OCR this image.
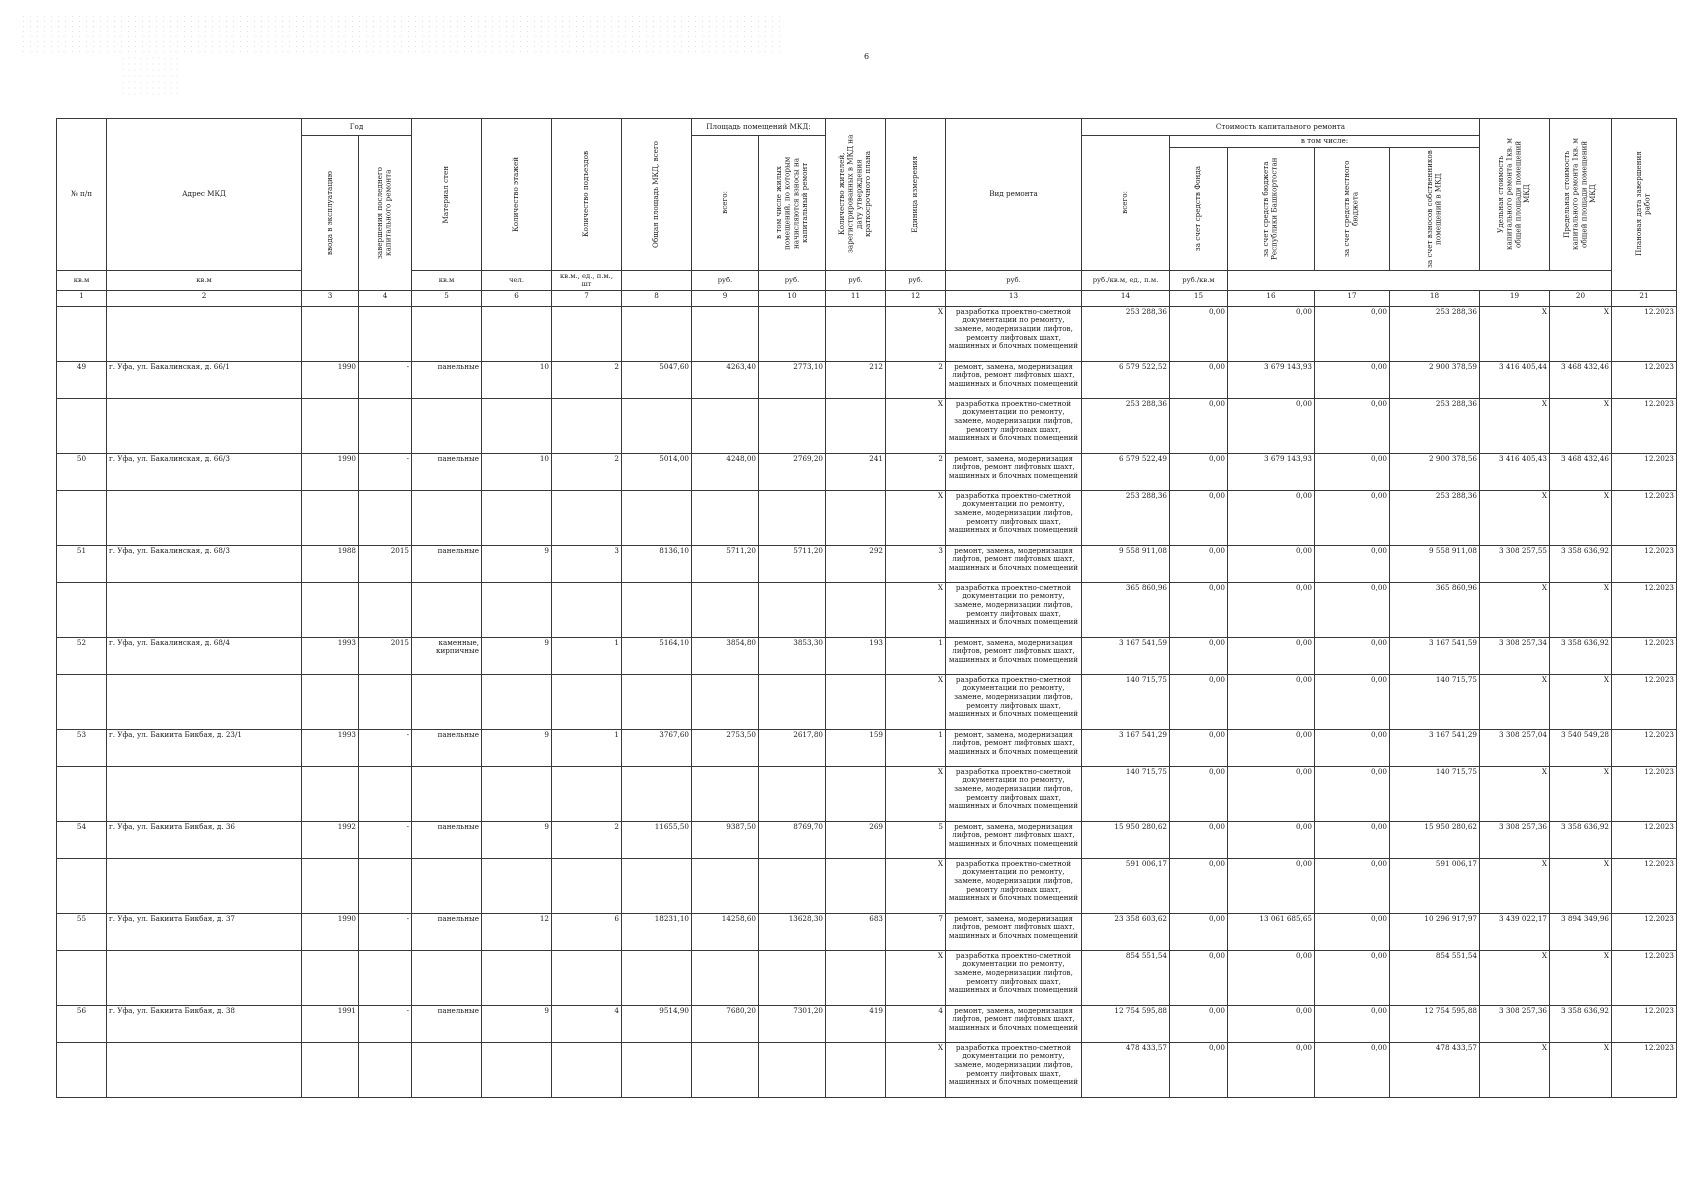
6
№ п/п	Адрес МКД	Год		Материал стен	Количество этажей	Количество подъездов	Общая площадь МКД, всего	Площадь помещений МКД:		Количество жителей, зарегистрированных в МКД на дату утверждения краткосрочного плана	Единица измерения	Вид ремонта	Стоимость капитального ремонта					Удельная стоимость капитального ремонта 1кв. м общей площади помещений МКД	Предельная стоимость капитального ремонта 1кв. м общей площади помещений МКД	Плановая дата завершения работ

		ввода в эксплуатацию	завершения последнего капитального ремонта					всего:	в том числе жилых помещений, по которым начисляются взносы на капитальный ремонт				всего:	в том числе:						

														за счет средств Фонда	за счет средств бюджета Республики Башкортостан	за счет средств местного бюджета	за счет взносов собственников помещений в МКД			

кв.м	кв.м			кв.м	чел.	кв.м., ед., п.м., шт		руб.	руб.	руб.	руб.	руб.	руб./кв.м, ед., п.м.	руб./кв.м						
1	2	3	4	5	6	7	8	9	10	11	12	13	14	15	16	17	18	19	20	21
											X	разработка проектно-сметной документации по ремонту, замене, модернизации лифтов, ремонту лифтовых шахт, машинных и блочных помещений	253 288,36	0,00	0,00	0,00	253 288,36	X	X	12.2023
49	г. Уфа, ул. Бакалинская, д. 66/1	1990	-	панельные	10	2	5047,60	4263,40	2773,10	212	2	ремонт, замена, модернизация лифтов, ремонт лифтовых шахт, машинных и блочных помещений	6 579 522,52	0,00	3 679 143,93	0,00	2 900 378,59	3 416 405,44	3 468 432,46	12.2023
											X	разработка проектно-сметной документации по ремонту, замене, модернизации лифтов, ремонту лифтовых шахт, машинных и блочных помещений	253 288,36	0,00	0,00	0,00	253 288,36	X	X	12.2023
50	г. Уфа, ул. Бакалинская, д. 66/3	1990	-	панельные	10	2	5014,00	4248,00	2769,20	241	2	ремонт, замена, модернизация лифтов, ремонт лифтовых шахт, машинных и блочных помещений	6 579 522,49	0,00	3 679 143,93	0,00	2 900 378,56	3 416 405,43	3 468 432,46	12.2023
											X	разработка проектно-сметной документации по ремонту, замене, модернизации лифтов, ремонту лифтовых шахт, машинных и блочных помещений	253 288,36	0,00	0,00	0,00	253 288,36	X	X	12.2023
51	г. Уфа, ул. Бакалинская, д. 68/3	1988	2015	панельные	9	3	8136,10	5711,20	5711,20	292	3	ремонт, замена, модернизация лифтов, ремонт лифтовых шахт, машинных и блочных помещений	9 558 911,08	0,00	0,00	0,00	9 558 911,08	3 308 257,55	3 358 636,92	12.2023
											X	разработка проектно-сметной документации по ремонту, замене, модернизации лифтов, ремонту лифтовых шахт, машинных и блочных помещений	365 860,96	0,00	0,00	0,00	365 860,96	X	X	12.2023
52	г. Уфа, ул. Бакалинская, д. 68/4	1993	2015	каменные, кирпичные	9	1	5164,10	3854,80	3853,30	193	1	ремонт, замена, модернизация лифтов, ремонт лифтовых шахт, машинных и блочных помещений	3 167 541,59	0,00	0,00	0,00	3 167 541,59	3 308 257,34	3 358 636,92	12.2023
											X	разработка проектно-сметной документации по ремонту, замене, модернизации лифтов, ремонту лифтовых шахт, машинных и блочных помещений	140 715,75	0,00	0,00	0,00	140 715,75	X	X	12.2023
53	г. Уфа, ул. Бакиита Бикбая, д. 23/1	1993	-	панельные	9	1	3767,60	2753,50	2617,80	159	1	ремонт, замена, модернизация лифтов, ремонт лифтовых шахт, машинных и блочных помещений	3 167 541,29	0,00	0,00	0,00	3 167 541,29	3 308 257,04	3 540 549,28	12.2023
											X	разработка проектно-сметной документации по ремонту, замене, модернизации лифтов, ремонту лифтовых шахт, машинных и блочных помещений	140 715,75	0,00	0,00	0,00	140 715,75	X	X	12.2023
54	г. Уфа, ул. Бакиита Бикбая, д. 36	1992	-	панельные	9	2	11655,50	9387,50	8769,70	269	5	ремонт, замена, модернизация лифтов, ремонт лифтовых шахт, машинных и блочных помещений	15 950 280,62	0,00	0,00	0,00	15 950 280,62	3 308 257,36	3 358 636,92	12.2023
											X	разработка проектно-сметной документации по ремонту, замене, модернизации лифтов, ремонту лифтовых шахт, машинных и блочных помещений	591 006,17	0,00	0,00	0,00	591 006,17	X	X	12.2023
55	г. Уфа, ул. Бакиита Бикбая, д. 37	1990	-	панельные	12	6	18231,10	14258,60	13628,30	683	7	ремонт, замена, модернизация лифтов, ремонт лифтовых шахт, машинных и блочных помещений	23 358 603,62	0,00	13 061 685,65	0,00	10 296 917,97	3 439 022,17	3 894 349,96	12.2023
											X	разработка проектно-сметной документации по ремонту, замене, модернизации лифтов, ремонту лифтовых шахт, машинных и блочных помещений	854 551,54	0,00	0,00	0,00	854 551,54	X	X	12.2023
56	г. Уфа, ул. Бакиита Бикбая, д. 38	1991	-	панельные	9	4	9514,90	7680,20	7301,20	419	4	ремонт, замена, модернизация лифтов, ремонт лифтовых шахт, машинных и блочных помещений	12 754 595,88	0,00	0,00	0,00	12 754 595,88	3 308 257,36	3 358 636,92	12.2023
											X	разработка проектно-сметной документации по ремонту, замене, модернизации лифтов, ремонту лифтовых шахт, машинных и блочных помещений	478 433,57	0,00	0,00	0,00	478 433,57	X	X	12.2023
